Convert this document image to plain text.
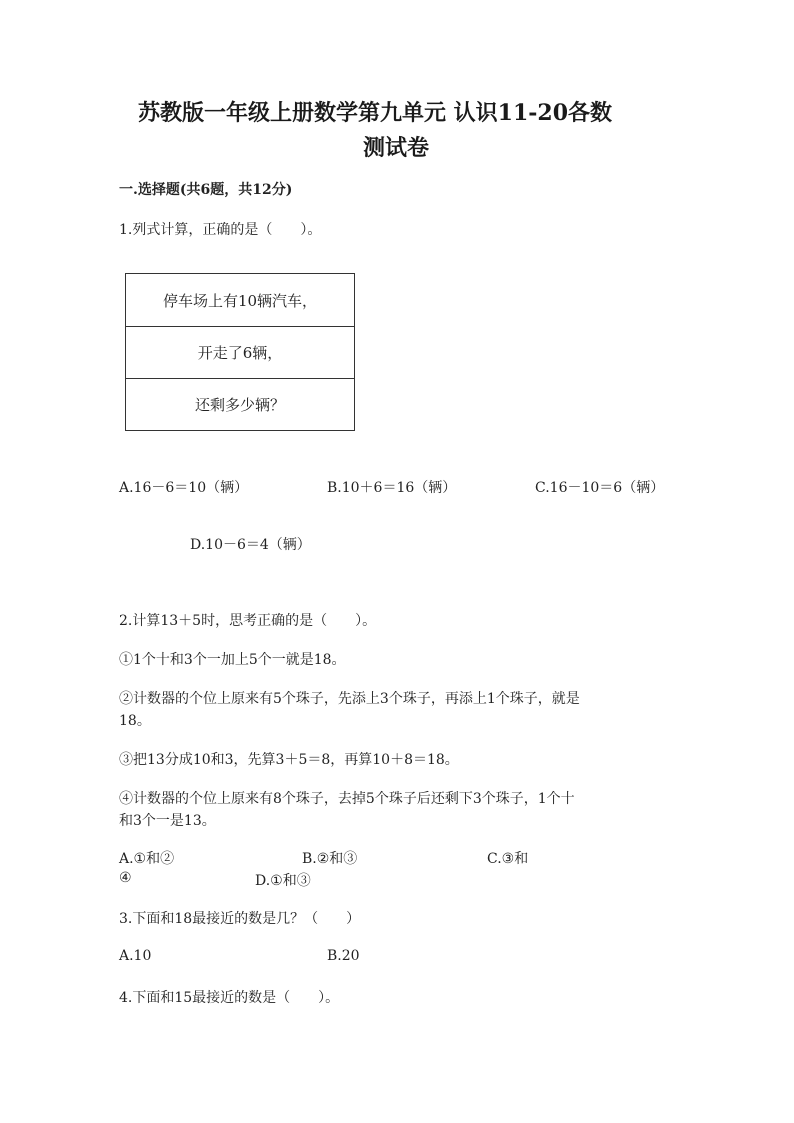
苏教版一年级上册数学第九单元 认识11-20各数
测试卷
一.选择题(共6题，共12分)
1.列式计算，正确的是（　　）。
停车场上有10辆汽车，
开走了6辆，
还剩多少辆？
A.16－6＝10（辆）	B.10＋6＝16（辆）	C.16－10＝6（辆）
D.10－6＝4（辆）
2.计算13＋5时，思考正确的是（　　）。
①1个十和3个一加上5个一就是18。
②计数器的个位上原来有5个珠子，先添上3个珠子，再添上1个珠子，就是
18。
③把13分成10和3，先算3＋5＝8，再算10＋8＝18。
④计数器的个位上原来有8个珠子，去掉5个珠子后还剩下3个珠子，1个十
和3个一是13。
A.①和②	B.②和③	C.③和
④	D.①和③
3.下面和18最接近的数是几？（　　）
A.10	B.20
4.下面和15最接近的数是（　　）。
